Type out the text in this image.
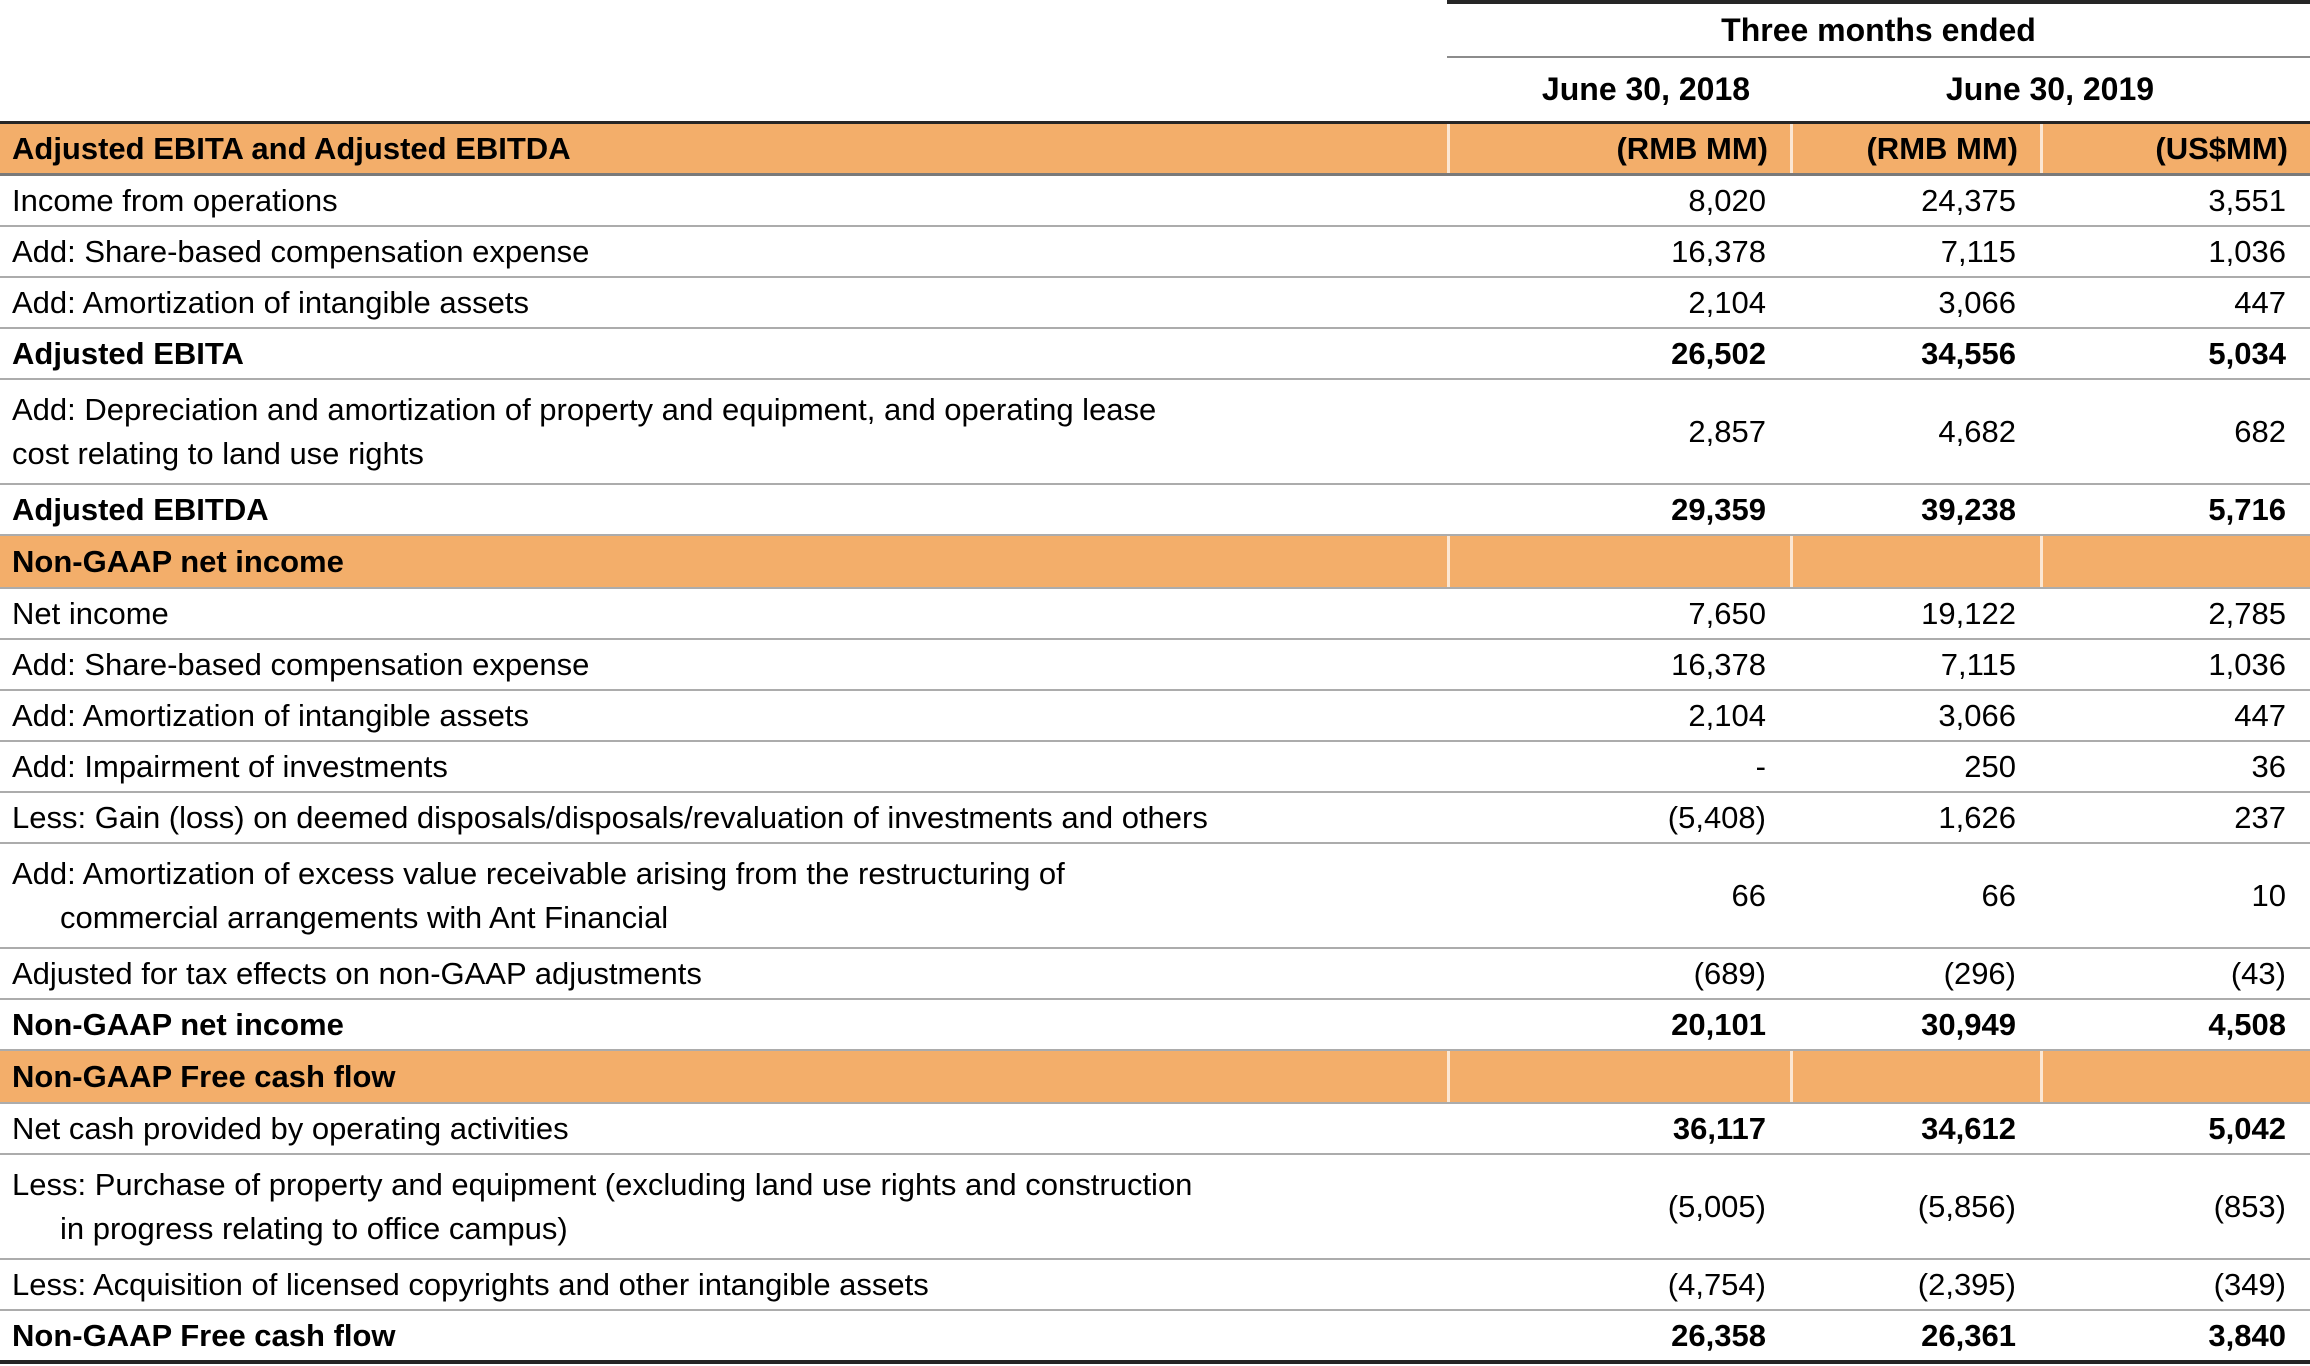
Three months ended
June 30, 2018	June 30, 2019
Adjusted EBITA and Adjusted EBITDA	(RMB MM)	(RMB MM)	(US$MM)
Income from operations	8,020	24,375	3,551
Add: Share-based compensation expense	16,378	7,115	1,036
Add: Amortization of intangible assets	2,104	3,066	447
Adjusted EBITA	26,502	34,556	5,034
Add: Depreciation and amortization of property and equipment, and operating lease
cost relating to land use rights
2,857	4,682	682
Adjusted EBITDA	29,359	39,238	5,716
Non-GAAP net income
Net income	7,650	19,122	2,785
Add: Share-based compensation expense	16,378	7,115	1,036
Add: Amortization of intangible assets	2,104	3,066	447
Add: Impairment of investments	-	250	36
Less: Gain (loss) on deemed disposals/disposals/revaluation of investments and others	(5,408)	1,626	237
Add: Amortization of excess value receivable arising from the restructuring of
commercial arrangements with Ant Financial
66	66	10
Adjusted for tax effects on non-GAAP adjustments	(689)	(296)	(43)
Non-GAAP net income	20,101	30,949	4,508
Non-GAAP Free cash flow
Net cash provided by operating activities	36,117	34,612	5,042
Less: Purchase of property and equipment (excluding land use rights and construction
in progress relating to office campus)
(5,005)	(5,856)	(853)
Less: Acquisition of licensed copyrights and other intangible assets	(4,754)	(2,395)	(349)
Non-GAAP Free cash flow	26,358	26,361	3,840
